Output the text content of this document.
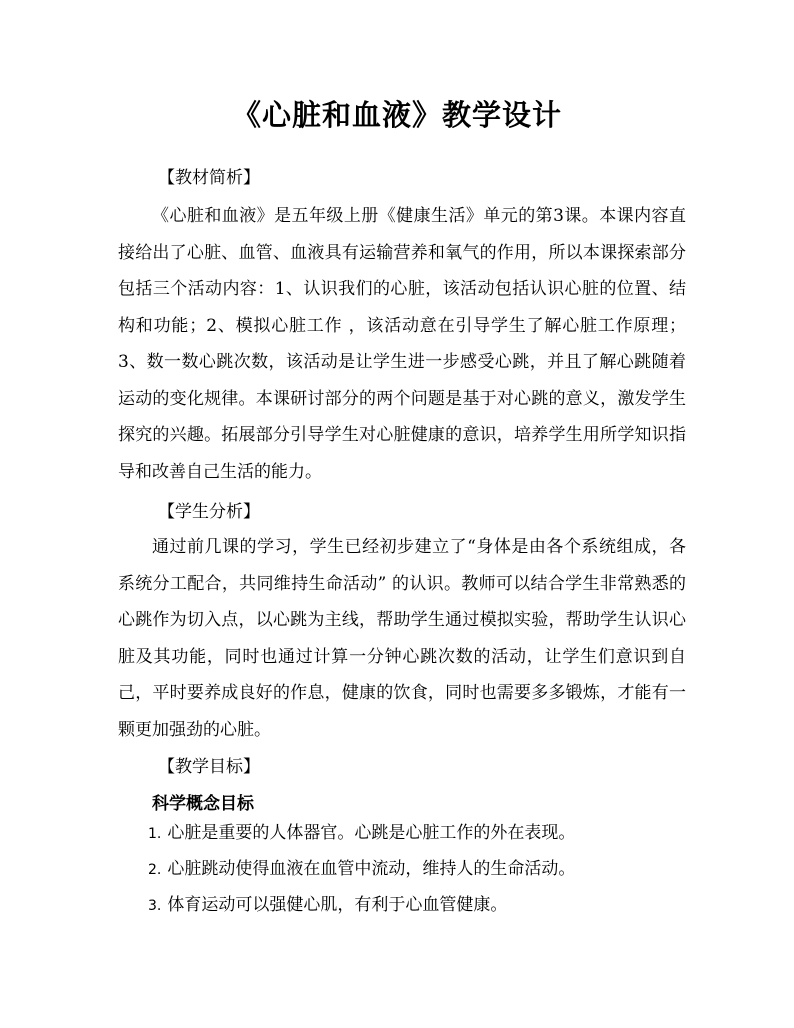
《心脏和血液》教学设计
【教材简析】

《心脏和血液》是五年级上册《健康生活》单元的第3课。本课内容直接给出了心脏、血管、血液具有运输营养和氧气的作用，所以本课探索部分包括三个活动内容：1、认识我们的心脏，该活动包括认识心脏的位置、结构和功能；2、模拟心脏工作 ，该活动意在引导学生了解心脏工作原理；3、数一数心跳次数，该活动是让学生进一步感受心跳，并且了解心跳随着运动的变化规律。本课研讨部分的两个问题是基于对心跳的意义，激发学生探究的兴趣。拓展部分引导学生对心脏健康的意识，培养学生用所学知识指导和改善自己生活的能力。

【学生分析】

通过前几课的学习，学生已经初步建立了“身体是由各个系统组成，各系统分工配合，共同维持生命活动” 的认识。教师可以结合学生非常熟悉的心跳作为切入点，以心跳为主线，帮助学生通过模拟实验，帮助学生认识心脏及其功能，同时也通过计算一分钟心跳次数的活动，让学生们意识到自己，平时要养成良好的作息，健康的饮食，同时也需要多多锻炼，才能有一颗更加强劲的心脏。

【教学目标】
科学概念目标
1. 心脏是重要的人体器官。心跳是心脏工作的外在表现。
2. 心脏跳动使得血液在血管中流动，维持人的生命活动。
3. 体育运动可以强健心肌，有利于心血管健康。
